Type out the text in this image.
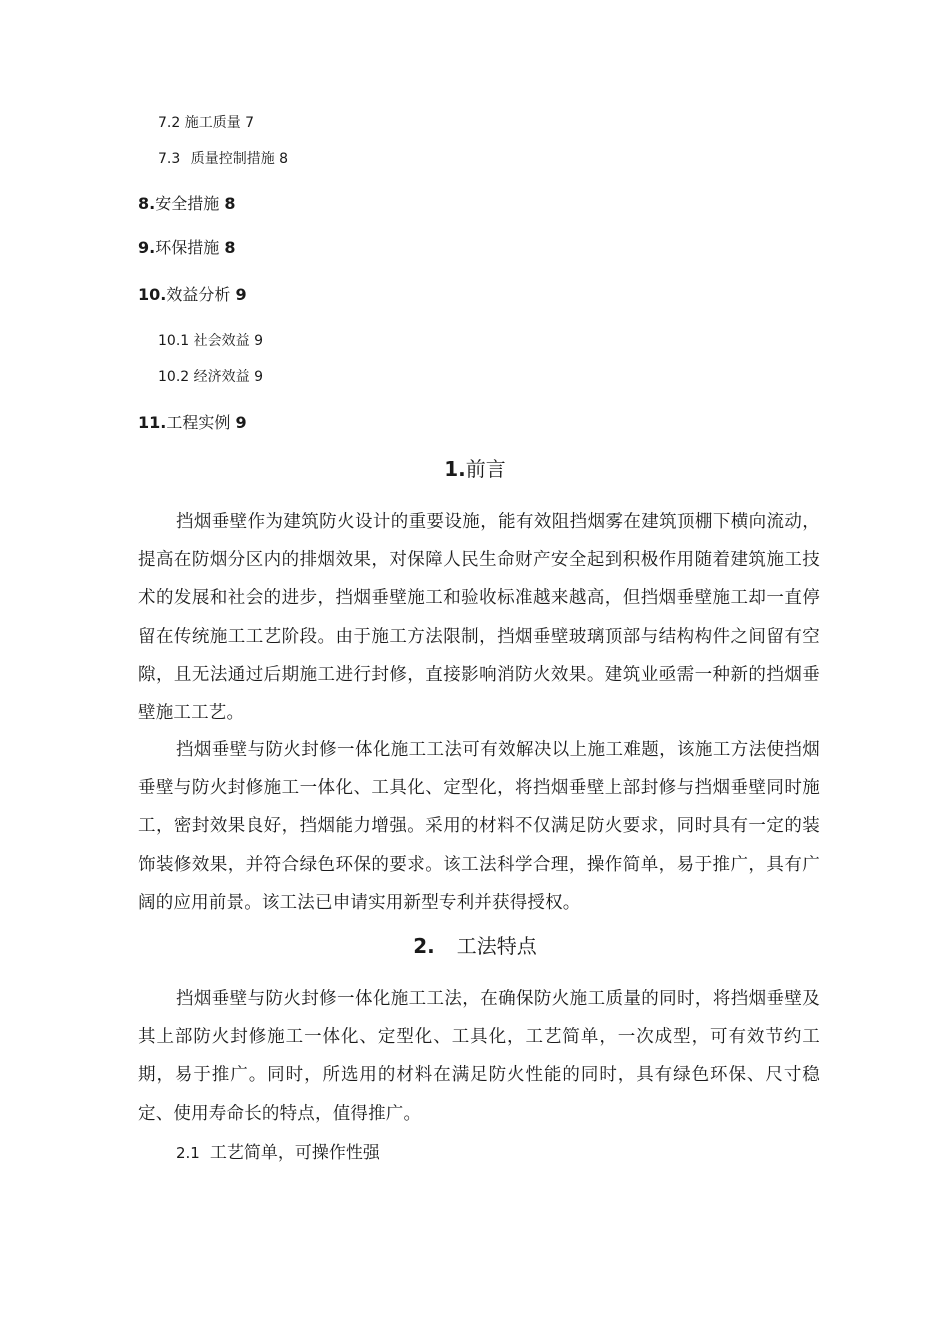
7.2 施工质量 7
7.3 质量控制措施 8
8.安全措施 8
9.环保措施 8
10.效益分析 9
10.1 社会效益 9
10.2 经济效益 9
11.工程实例 9
1.前言
挡烟垂壁作为建筑防火设计的重要设施，能有效阻挡烟雾在建筑顶棚下横向流动，提高在防烟分区内的排烟效果，对保障人民生命财产安全起到积极作用随着建筑施工技术的发展和社会的进步，挡烟垂壁施工和验收标准越来越高，但挡烟垂壁施工却一直停留在传统施工工艺阶段。由于施工方法限制，挡烟垂壁玻璃顶部与结构构件之间留有空隙，且无法通过后期施工进行封修，直接影响消防火效果。建筑业亟需一种新的挡烟垂壁施工工艺。
挡烟垂壁与防火封修一体化施工工法可有效解决以上施工难题，该施工方法使挡烟垂壁与防火封修施工一体化、工具化、定型化，将挡烟垂壁上部封修与挡烟垂壁同时施工，密封效果良好，挡烟能力增强。采用的材料不仅满足防火要求，同时具有一定的装饰装修效果，并符合绿色环保的要求。该工法科学合理，操作简单，易于推广，具有广阔的应用前景。该工法已申请实用新型专利并获得授权。
2. 工法特点
挡烟垂壁与防火封修一体化施工工法，在确保防火施工质量的同时，将挡烟垂壁及其上部防火封修施工一体化、定型化、工具化，工艺简单，一次成型，可有效节约工期，易于推广。同时，所选用的材料在满足防火性能的同时，具有绿色环保、尺寸稳定、使用寿命长的特点，值得推广。
2.1 工艺简单，可操作性强
